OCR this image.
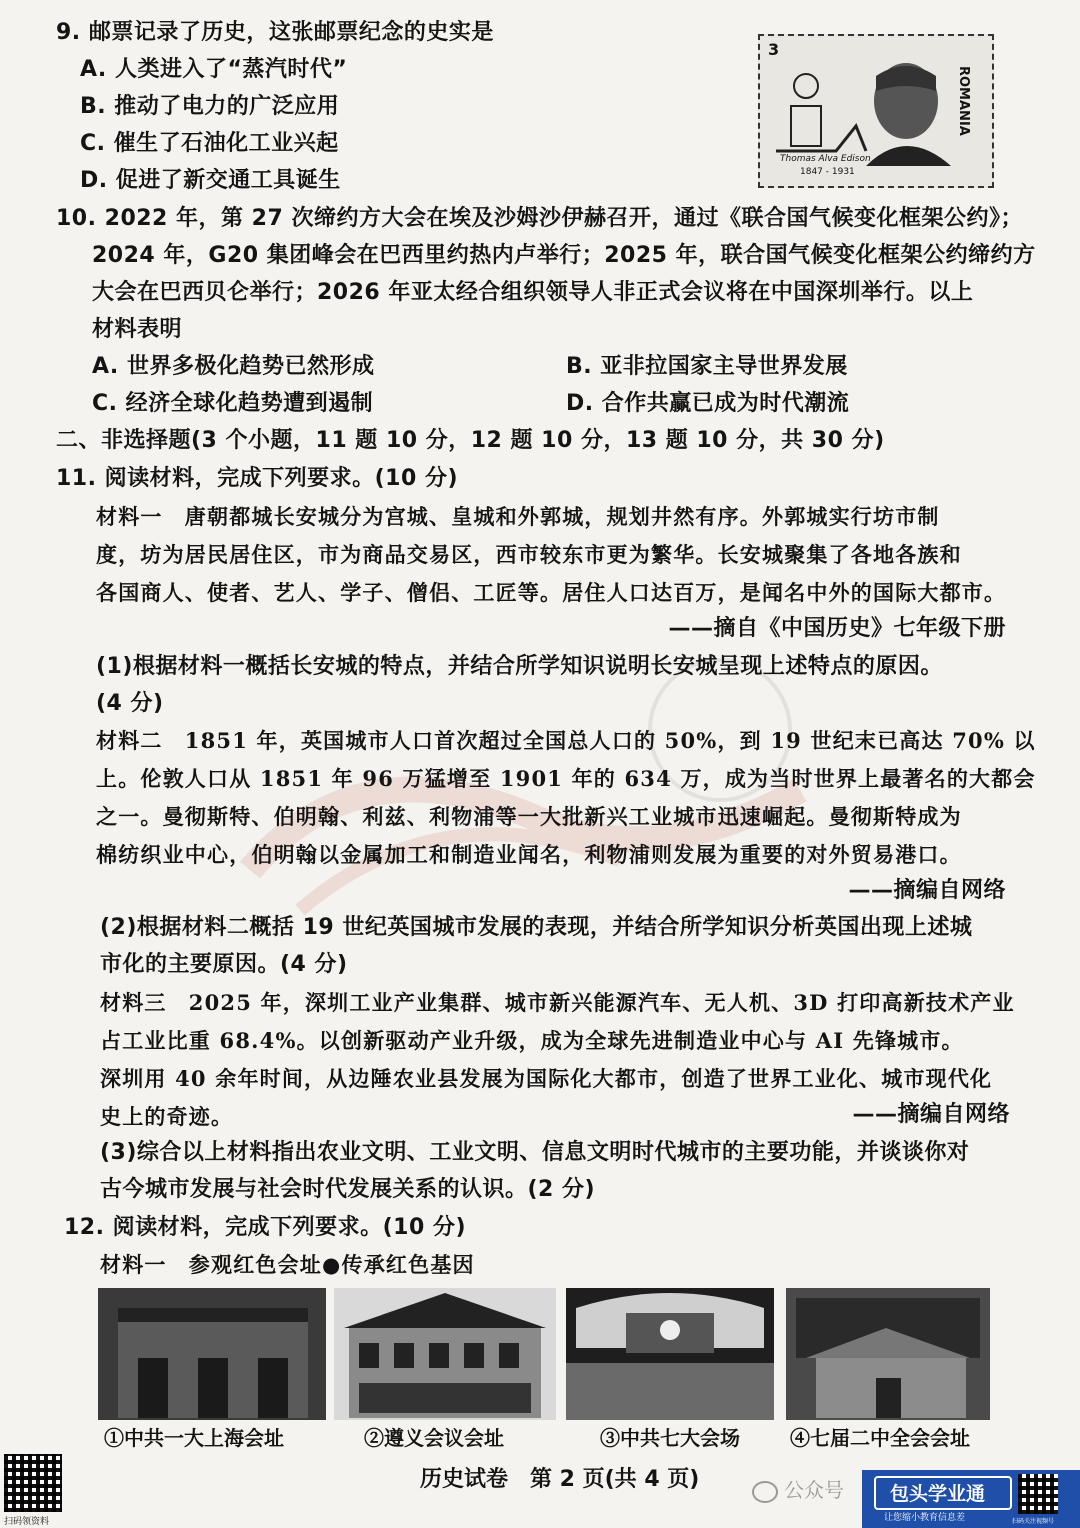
9. 邮票记录了历史，这张邮票纪念的史实是
A. 人类进入了“蒸汽时代”
B. 推动了电力的广泛应用
C. 催生了石油化工业兴起
D. 促进了新交通工具诞生
3
ROMANIA
Thomas Alva Edison
1847 - 1931
10. 2022 年，第 27 次缔约方大会在埃及沙姆沙伊赫召开，通过《联合国气候变化框架公约》；
2024 年，G20 集团峰会在巴西里约热内卢举行；2025 年，联合国气候变化框架公约缔约方
大会在巴西贝仑举行；2026 年亚太经合组织领导人非正式会议将在中国深圳举行。以上
材料表明
A. 世界多极化趋势已然形成	B. 亚非拉国家主导世界发展
C. 经济全球化趋势遭到遏制	D. 合作共赢已成为时代潮流
二、非选择题(3 个小题，11 题 10 分，12 题 10 分，13 题 10 分，共 30 分)
11. 阅读材料，完成下列要求。(10 分)
材料一　唐朝都城长安城分为宫城、皇城和外郭城，规划井然有序。外郭城实行坊市制
度，坊为居民居住区，市为商品交易区，西市较东市更为繁华。长安城聚集了各地各族和
各国商人、使者、艺人、学子、僧侣、工匠等。居住人口达百万，是闻名中外的国际大都市。
——摘自《中国历史》七年级下册
(1)根据材料一概括长安城的特点，并结合所学知识说明长安城呈现上述特点的原因。
(4 分)
材料二　1851 年，英国城市人口首次超过全国总人口的 50%，到 19 世纪末已高达 70% 以
上。伦敦人口从 1851 年 96 万猛增至 1901 年的 634 万，成为当时世界上最著名的大都会
之一。曼彻斯特、伯明翰、利兹、利物浦等一大批新兴工业城市迅速崛起。曼彻斯特成为
棉纺织业中心，伯明翰以金属加工和制造业闻名，利物浦则发展为重要的对外贸易港口。
——摘编自网络
(2)根据材料二概括 19 世纪英国城市发展的表现，并结合所学知识分析英国出现上述城
市化的主要原因。(4 分)
材料三　2025 年，深圳工业产业集群、城市新兴能源汽车、无人机、3D 打印高新技术产业
占工业比重 68.4%。以创新驱动产业升级，成为全球先进制造业中心与 AI 先锋城市。
深圳用 40 余年时间，从边陲农业县发展为国际化大都市，创造了世界工业化、城市现代化
史上的奇迹。	——摘编自网络
(3)综合以上材料指出农业文明、工业文明、信息文明时代城市的主要功能，并谈谈你对
古今城市发展与社会时代发展关系的认识。(2 分)
12. 阅读材料，完成下列要求。(10 分)
材料一　参观红色会址●传承红色基因
①中共一大上海会址	②遵义会议会址	③中共七大会场	④七届二中全会会址
扫码领资料
历史试卷　第 2 页(共 4 页)	公众号 包头学业通
让您缩小教育信息差	扫码关注视频号
